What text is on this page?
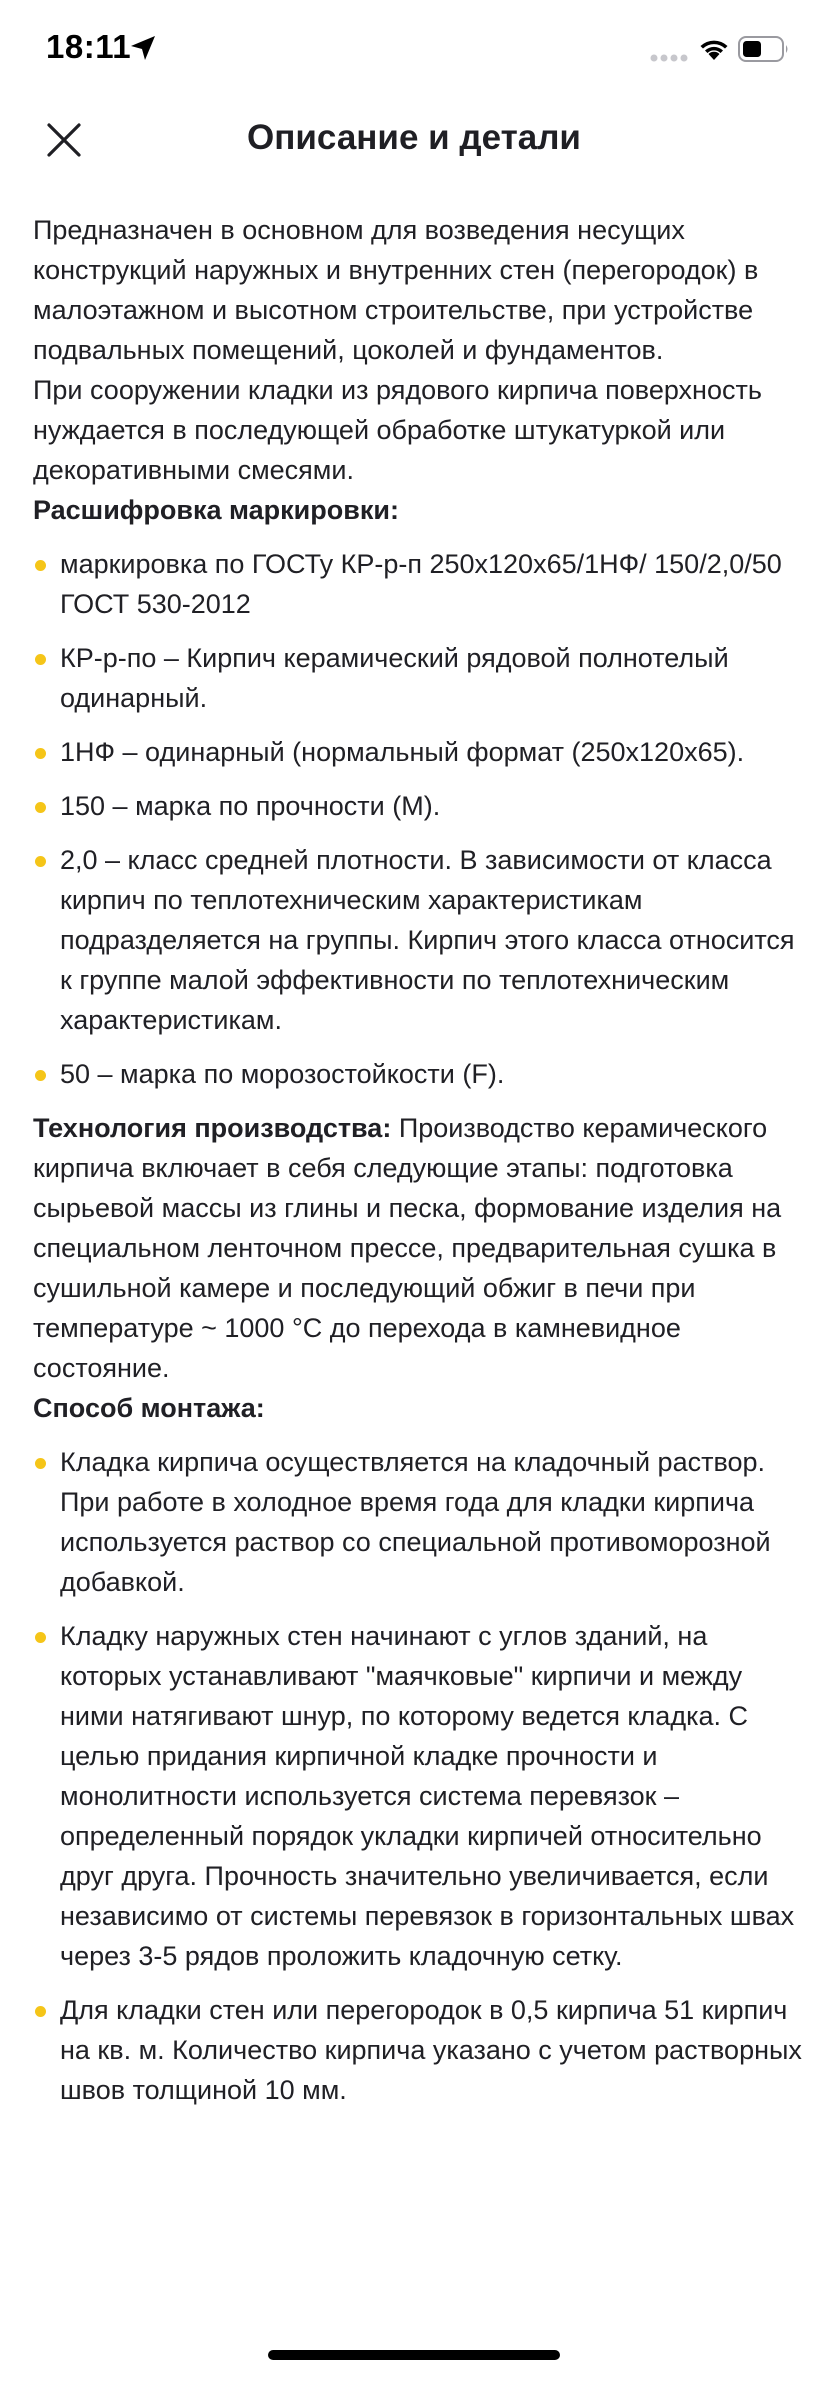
18:11
Описание и детали

Предназначен в основном для возведения несущих конструкций наружных и внутренних стен (перегородок) в малоэтажном и высотном строительстве, при устройстве подвальных помещений, цоколей и фундаментов.

При сооружении кладки из рядового кирпича поверхность нуждается в последующей обработке штукатуркой или декоративными смесями.

Расшифровка маркировки:

маркировка по ГОСТу КР-р-п 250х120х65/1НФ/ 150/2,0/50 ГОСТ 530-2012
КР-р-по – Кирпич керамический рядовой полнотелый одинарный.
1НФ – одинарный (нормальный формат (250х120х65).
150 – марка по прочности (М).
2,0 – класс средней плотности. В зависимости от класса кирпич по теплотехническим характеристикам подразделяется на группы. Кирпич этого класса относится к группе малой эффективности по теплотехническим характеристикам.
50 – марка по морозостойкости (F).

Технология производства: Производство керамического кирпича включает в себя следующие этапы: подготовка сырьевой массы из глины и песка, формование изделия на специальном ленточном прессе, предварительная сушка в сушильной камере и последующий обжиг в печи при температуре ~ 1000 °С до перехода в камневидное состояние.

Способ монтажа:

Кладка кирпича осуществляется на кладочный раствор. При работе в холодное время года для кладки кирпича используется раствор со специальной противоморозной добавкой.
Кладку наружных стен начинают с углов зданий, на которых устанавливают "маячковые" кирпичи и между ними натягивают шнур, по которому ведется кладка. С целью придания кирпичной кладке прочности и монолитности используется система перевязок – определенный порядок укладки кирпичей относительно друг друга. Прочность значительно увеличивается, если независимо от системы перевязок в горизонтальных швах через 3-5 рядов проложить кладочную сетку.
Для кладки стен или перегородок в 0,5 кирпича 51 кирпич на кв. м. Количество кирпича указано с учетом растворных швов толщиной 10 мм.
